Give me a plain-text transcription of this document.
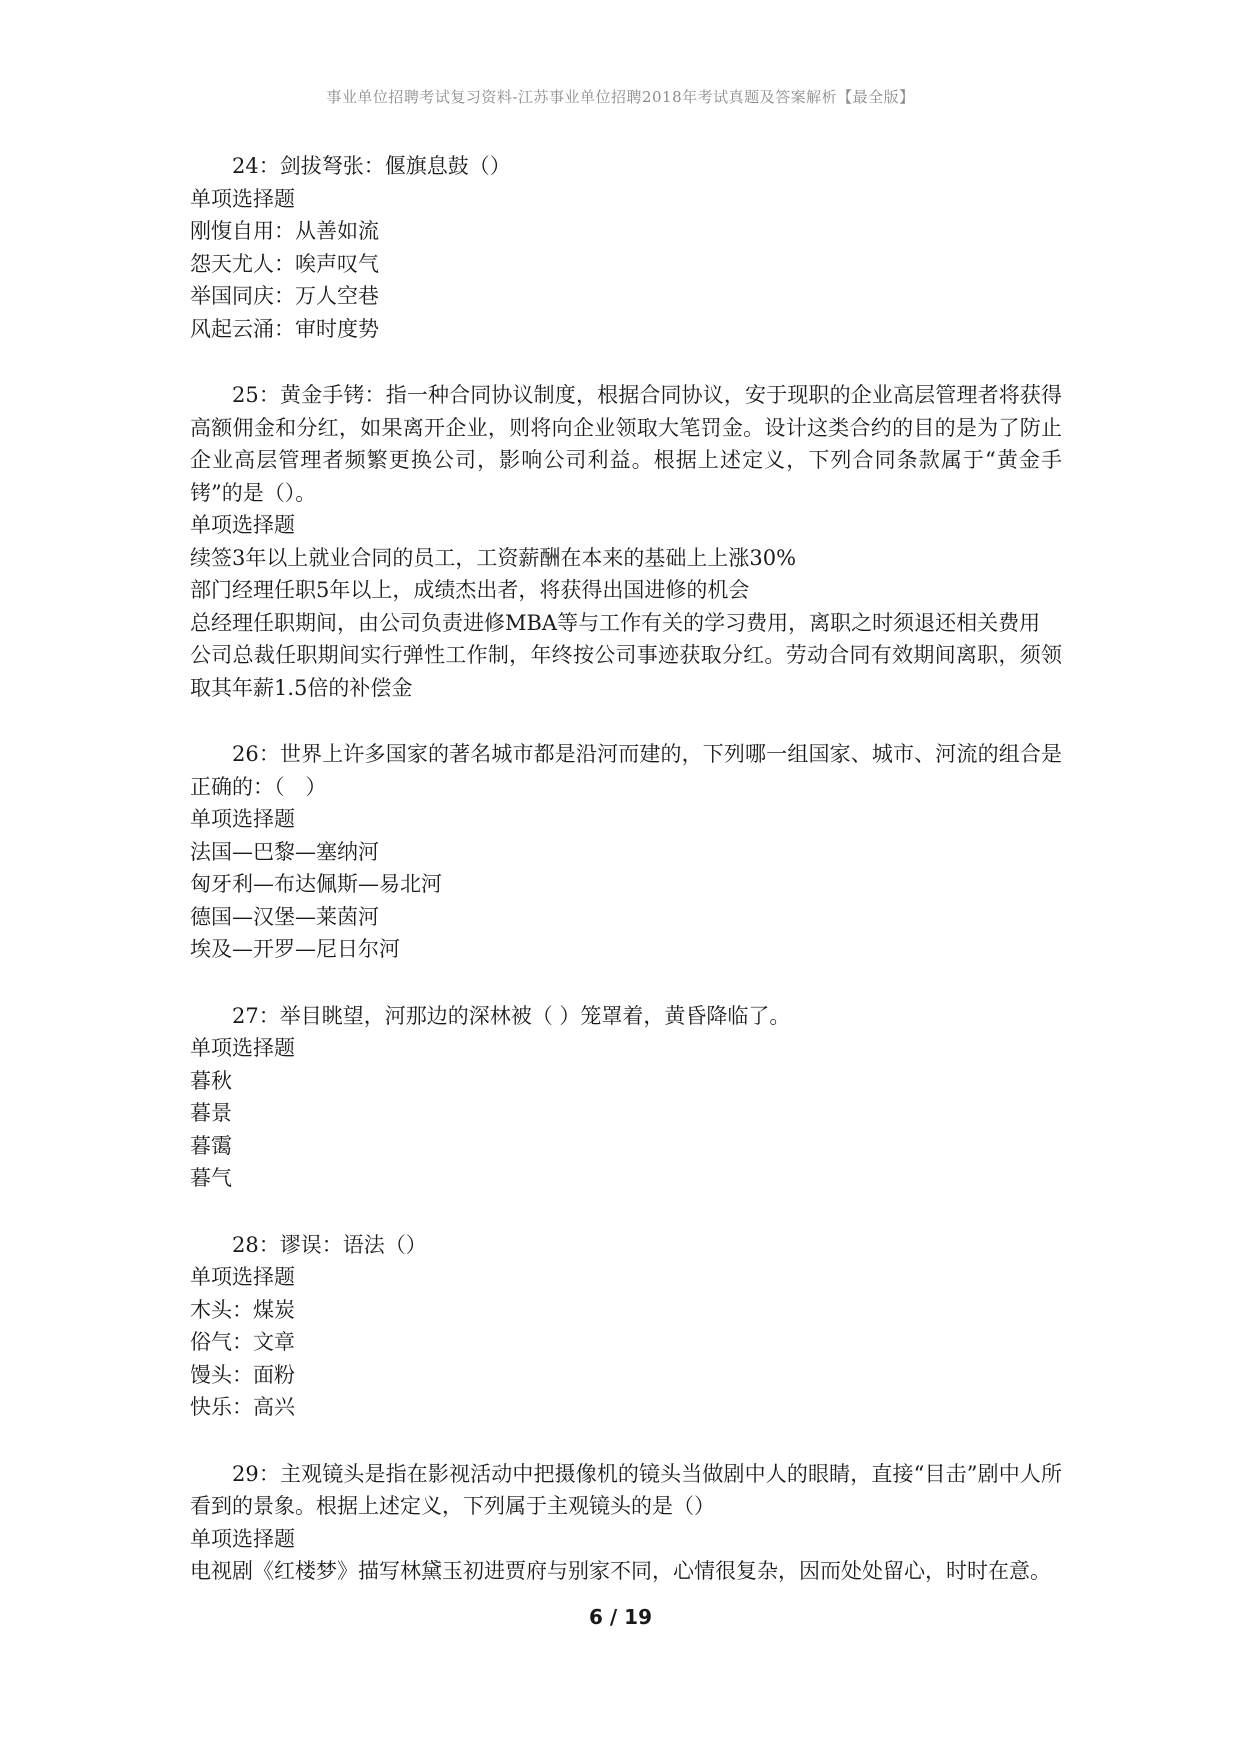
事业单位招聘考试复习资料-江苏事业单位招聘2018年考试真题及答案解析【最全版】
24：剑拔弩张：偃旗息鼓（）
单项选择题
刚愎自用：从善如流
怨天尤人：唉声叹气
举国同庆：万人空巷
风起云涌：审时度势
25：黄金手铐：指一种合同协议制度，根据合同协议，安于现职的企业高层管理者将获得高额佣金和分红，如果离开企业，则将向企业领取大笔罚金。设计这类合约的目的是为了防止企业高层管理者频繁更换公司，影响公司利益。根据上述定义，下列合同条款属于“黄金手铐”的是（）。
单项选择题
续签3年以上就业合同的员工，工资薪酬在本来的基础上上涨30%
部门经理任职5年以上，成绩杰出者，将获得出国进修的机会
总经理任职期间，由公司负责进修MBA等与工作有关的学习费用，离职之时须退还相关费用
公司总裁任职期间实行弹性工作制，年终按公司事迹获取分红。劳动合同有效期间离职，须领取其年薪1.5倍的补偿金
26：世界上许多国家的著名城市都是沿河而建的，下列哪一组国家、城市、河流的组合是正确的：（　）
单项选择题
法国—巴黎—塞纳河
匈牙利—布达佩斯—易北河
德国—汉堡—莱茵河
埃及—开罗—尼日尔河
27：举目眺望，河那边的深林被（ ）笼罩着，黄昏降临了。
单项选择题
暮秋
暮景
暮霭
暮气
28：谬误：语法（）
单项选择题
木头：煤炭
俗气：文章
馒头：面粉
快乐：高兴
29：主观镜头是指在影视活动中把摄像机的镜头当做剧中人的眼睛，直接“目击”剧中人所看到的景象。根据上述定义，下列属于主观镜头的是（）
单项选择题
电视剧《红楼梦》描写林黛玉初进贾府与别家不同，心情很复杂，因而处处留心，时时在意。
6 / 19
